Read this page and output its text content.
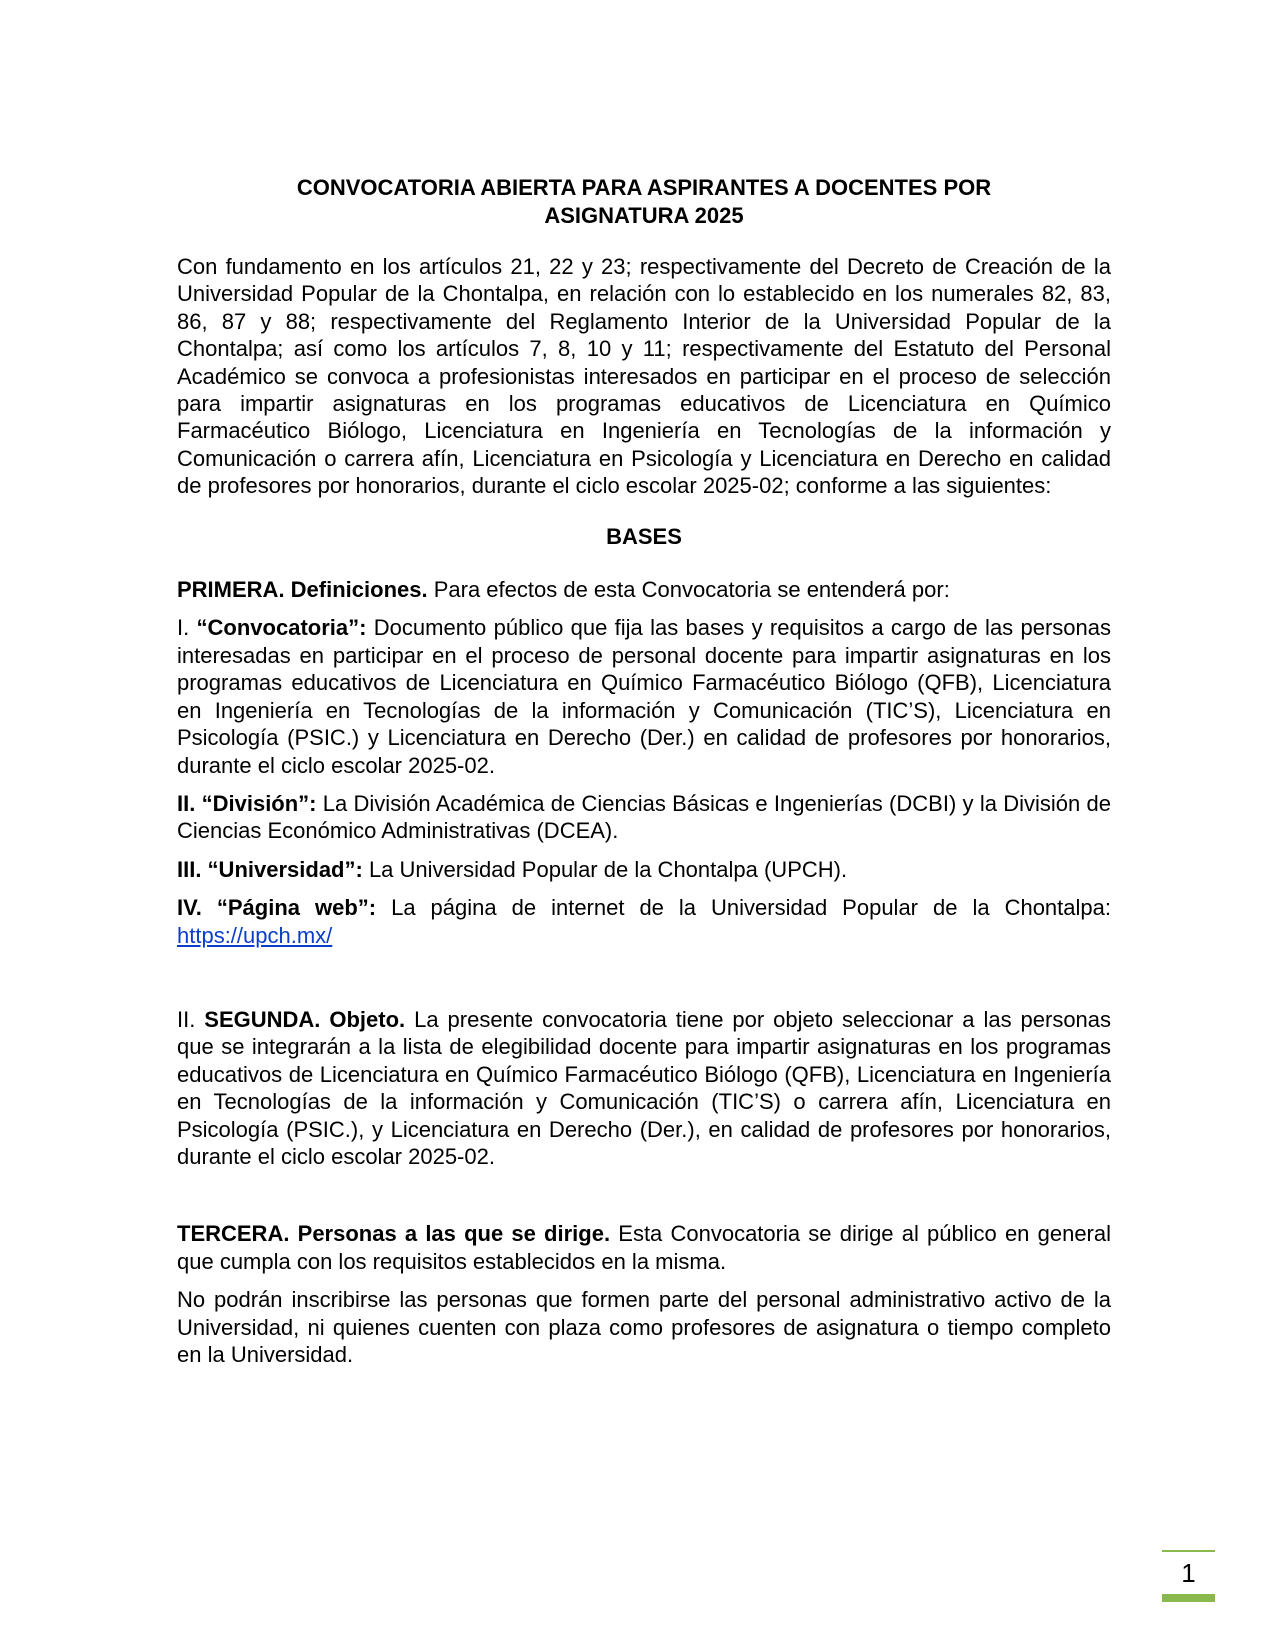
CONVOCATORIA ABIERTA PARA ASPIRANTES A DOCENTES POR
ASIGNATURA 2025

Con fundamento en los artículos 21, 22 y 23; respectivamente del Decreto de Creación de la Universidad Popular de la Chontalpa, en relación con lo establecido en los numerales 82, 83, 86, 87 y 88; respectivamente del Reglamento Interior de la Universidad Popular de la Chontalpa; así como los artículos 7, 8, 10 y 11; respectivamente del Estatuto del Personal Académico se convoca a profesionistas interesados en participar en el proceso de selección para impartir asignaturas en los programas educativos de Licenciatura en Químico Farmacéutico Biólogo, Licenciatura en Ingeniería en Tecnologías de la información y Comunicación o carrera afín, Licenciatura en Psicología y Licenciatura en Derecho en calidad de profesores por honorarios, durante el ciclo escolar 2025-02; conforme a las siguientes:

BASES

PRIMERA. Definiciones. Para efectos de esta Convocatoria se entenderá por:

I. “Convocatoria”: Documento público que fija las bases y requisitos a cargo de las personas interesadas en participar en el proceso de personal docente para impartir asignaturas en los programas educativos de Licenciatura en Químico Farmacéutico Biólogo (QFB), Licenciatura en Ingeniería en Tecnologías de la información y Comunicación (TIC’S), Licenciatura en Psicología (PSIC.) y Licenciatura en Derecho (Der.) en calidad de profesores por honorarios, durante el ciclo escolar 2025-02.

II. “División”: La División Académica de Ciencias Básicas e Ingenierías (DCBI) y la División de Ciencias Económico Administrativas (DCEA).

III. “Universidad”: La Universidad Popular de la Chontalpa (UPCH).

IV. “Página web”: La página de internet de la Universidad Popular de la Chontalpa: https://upch.mx/

II. SEGUNDA. Objeto. La presente convocatoria tiene por objeto seleccionar a las personas que se integrarán a la lista de elegibilidad docente para impartir asignaturas en los programas educativos de Licenciatura en Químico Farmacéutico Biólogo (QFB), Licenciatura en Ingeniería en Tecnologías de la información y Comunicación (TIC’S) o carrera afín, Licenciatura en Psicología (PSIC.), y Licenciatura en Derecho (Der.), en calidad de profesores por honorarios, durante el ciclo escolar 2025-02.

TERCERA. Personas a las que se dirige. Esta Convocatoria se dirige al público en general que cumpla con los requisitos establecidos en la misma.

No podrán inscribirse las personas que formen parte del personal administrativo activo de la Universidad, ni quienes cuenten con plaza como profesores de asignatura o tiempo completo en la Universidad.

1
